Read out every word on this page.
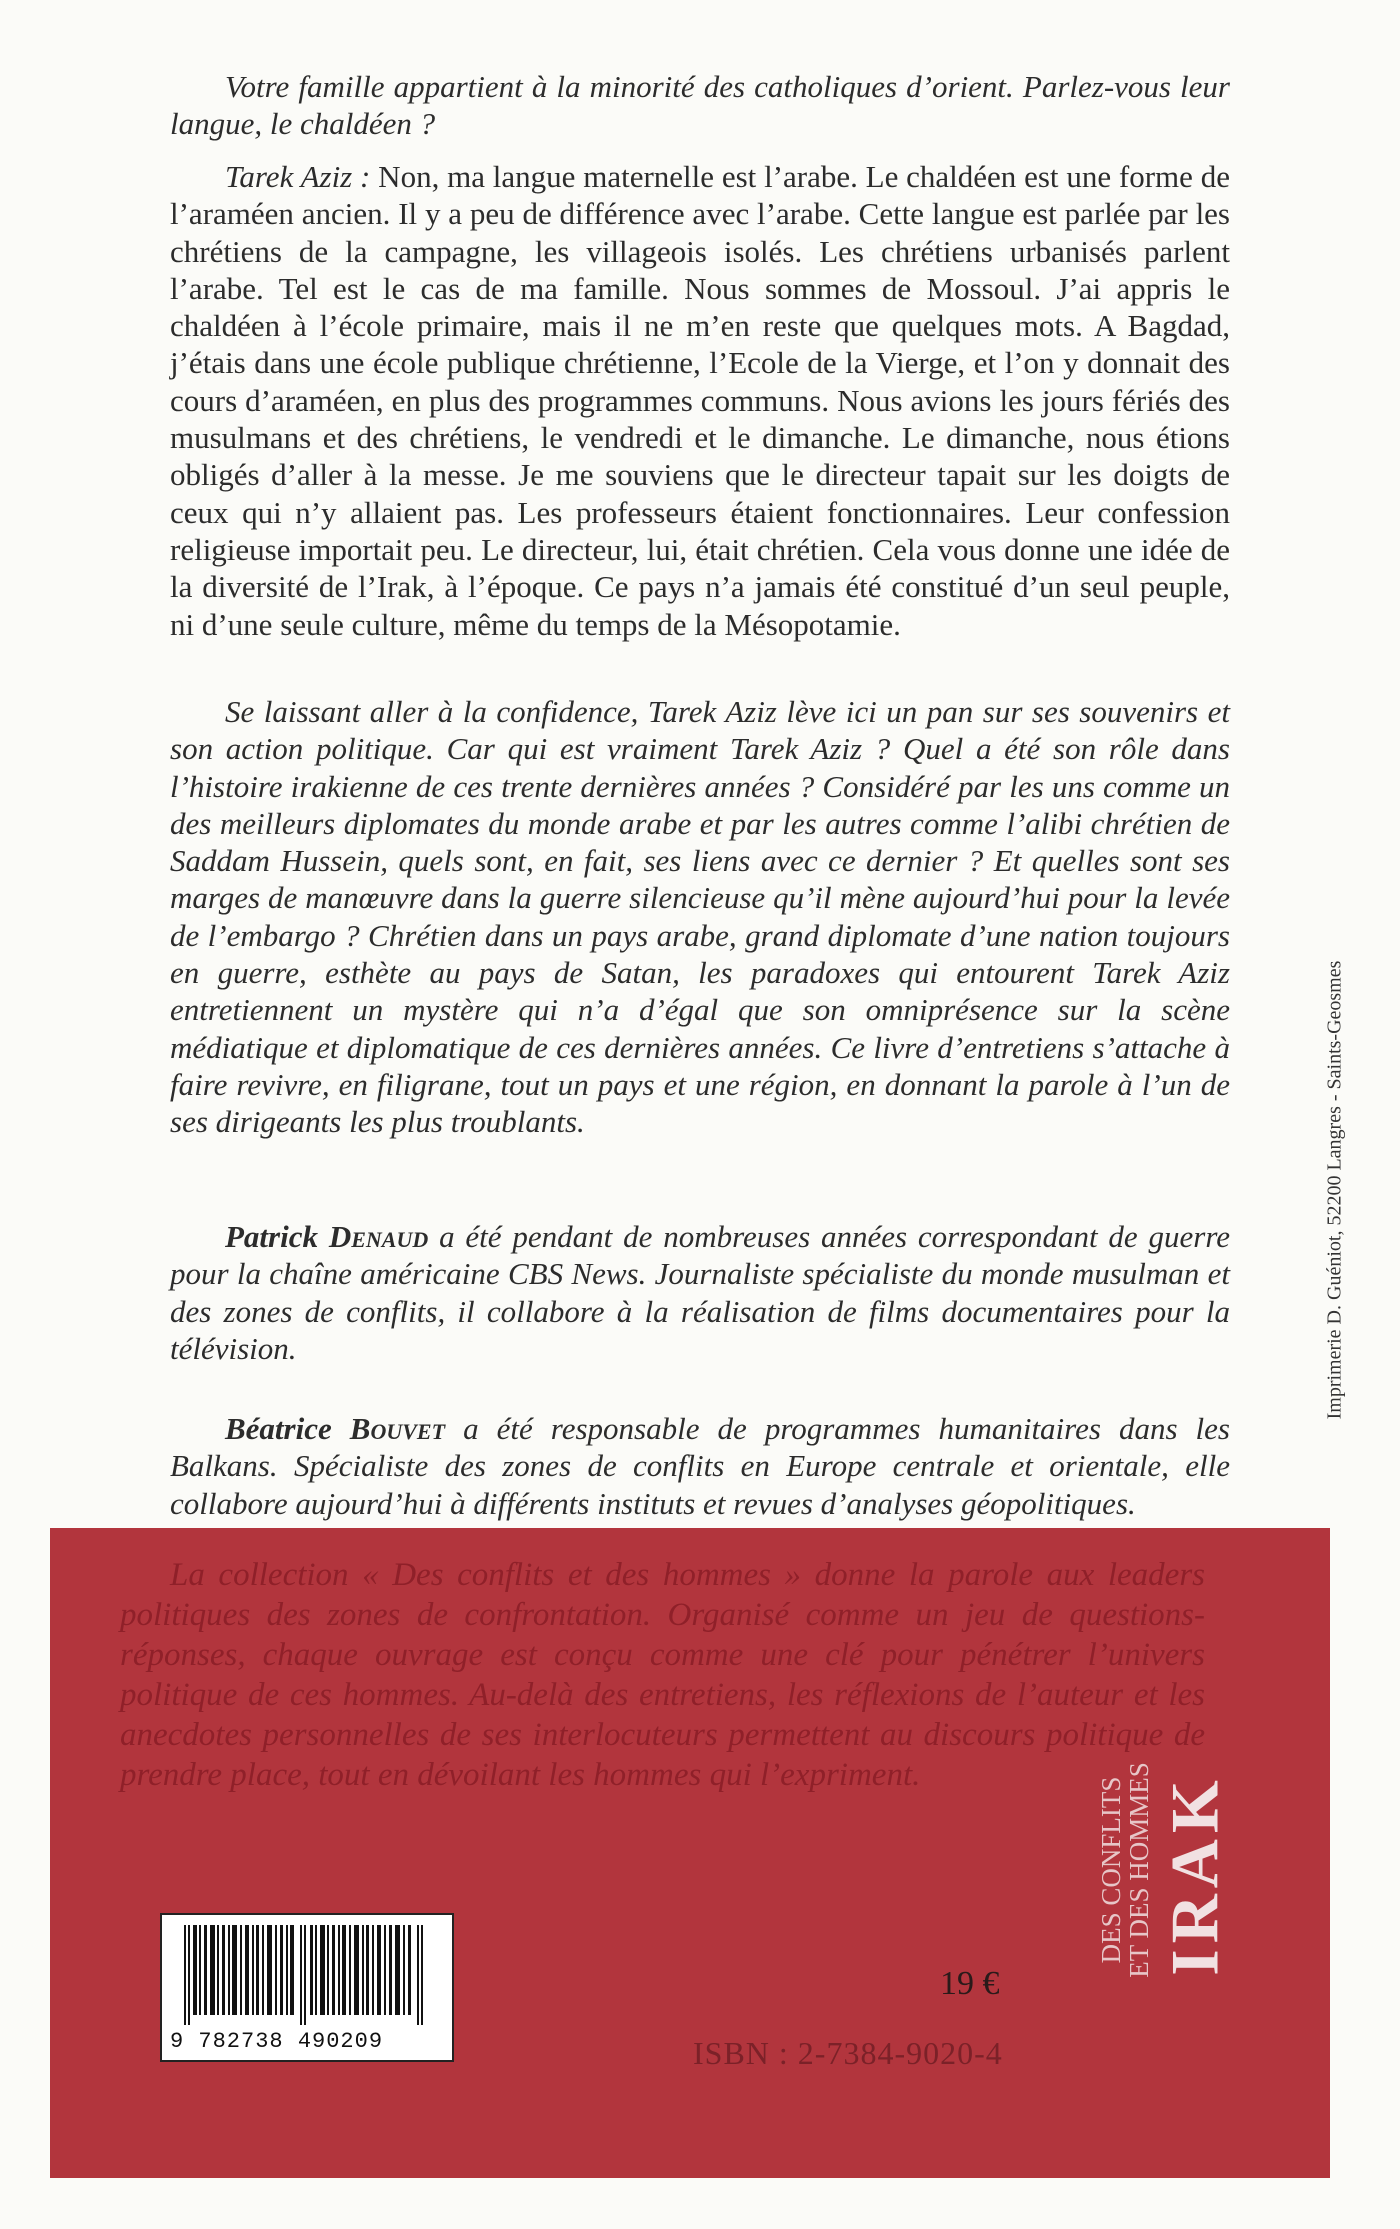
Votre famille appartient à la minorité des catholiques d’orient. Parlez-vous leur langue, le chaldéen ?

Tarek Aziz : Non, ma langue maternelle est l’arabe. Le chaldéen est une forme de l’araméen ancien. Il y a peu de différence avec l’arabe. Cette langue est parlée par les chrétiens de la campagne, les villageois isolés. Les chrétiens urbanisés parlent l’arabe. Tel est le cas de ma famille. Nous sommes de Mossoul. J’ai appris le chaldéen à l’école primaire, mais il ne m’en reste que quelques mots. A Bagdad, j’étais dans une école publique chrétienne, l’Ecole de la Vierge, et l’on y donnait des cours d’araméen, en plus des programmes communs. Nous avions les jours fériés des musulmans et des chrétiens, le vendredi et le dimanche. Le dimanche, nous étions obligés d’aller à la messe. Je me souviens que le directeur tapait sur les doigts de ceux qui n’y allaient pas. Les professeurs étaient fonctionnaires. Leur confession religieuse importait peu. Le directeur, lui, était chrétien. Cela vous donne une idée de la diversité de l’Irak, à l’époque. Ce pays n’a jamais été constitué d’un seul peuple, ni d’une seule culture, même du temps de la Mésopotamie.

Se laissant aller à la confidence, Tarek Aziz lève ici un pan sur ses souvenirs et son action politique. Car qui est vraiment Tarek Aziz ? Quel a été son rôle dans l’histoire irakienne de ces trente dernières années ? Considéré par les uns comme un des meilleurs diplomates du monde arabe et par les autres comme l’alibi chrétien de Saddam Hussein, quels sont, en fait, ses liens avec ce dernier ? Et quelles sont ses marges de manœuvre dans la guerre silencieuse qu’il mène aujourd’hui pour la levée de l’embargo ? Chrétien dans un pays arabe, grand diplomate d’une nation toujours en guerre, esthète au pays de Satan, les paradoxes qui entourent Tarek Aziz entretiennent un mystère qui n’a d’égal que son omniprésence sur la scène médiatique et diplomatique de ces dernières années. Ce livre d’entretiens s’attache à faire revivre, en filigrane, tout un pays et une région, en donnant la parole à l’un de ses dirigeants les plus troublants.

Patrick Denaud a été pendant de nombreuses années correspondant de guerre pour la chaîne américaine CBS News. Journaliste spécialiste du monde musulman et des zones de conflits, il collabore à la réalisation de films documentaires pour la télévision.

Béatrice Bouvet a été responsable de programmes humanitaires dans les Balkans. Spécialiste des zones de conflits en Europe centrale et orientale, elle collabore aujourd’hui à différents instituts et revues d’analyses géopolitiques.

Imprimerie D. Guéniot, 52200 Langres - Saints-Geosmes

La collection « Des conflits et des hommes » donne la parole aux leaders politiques des zones de confrontation. Organisé comme un jeu de questions-réponses, chaque ouvrage est conçu comme une clé pour pénétrer l’univers politique de ces hommes. Au-delà des entretiens, les réflexions de l’auteur et les anecdotes personnelles de ses interlocuteurs permettent au discours politique de prendre place, tout en dévoilant les hommes qui l’expriment.

9 782738 490209
19 €
ISBN : 2-7384-9020-4
DES CONFLITS
ET DES HOMMES IRAK
